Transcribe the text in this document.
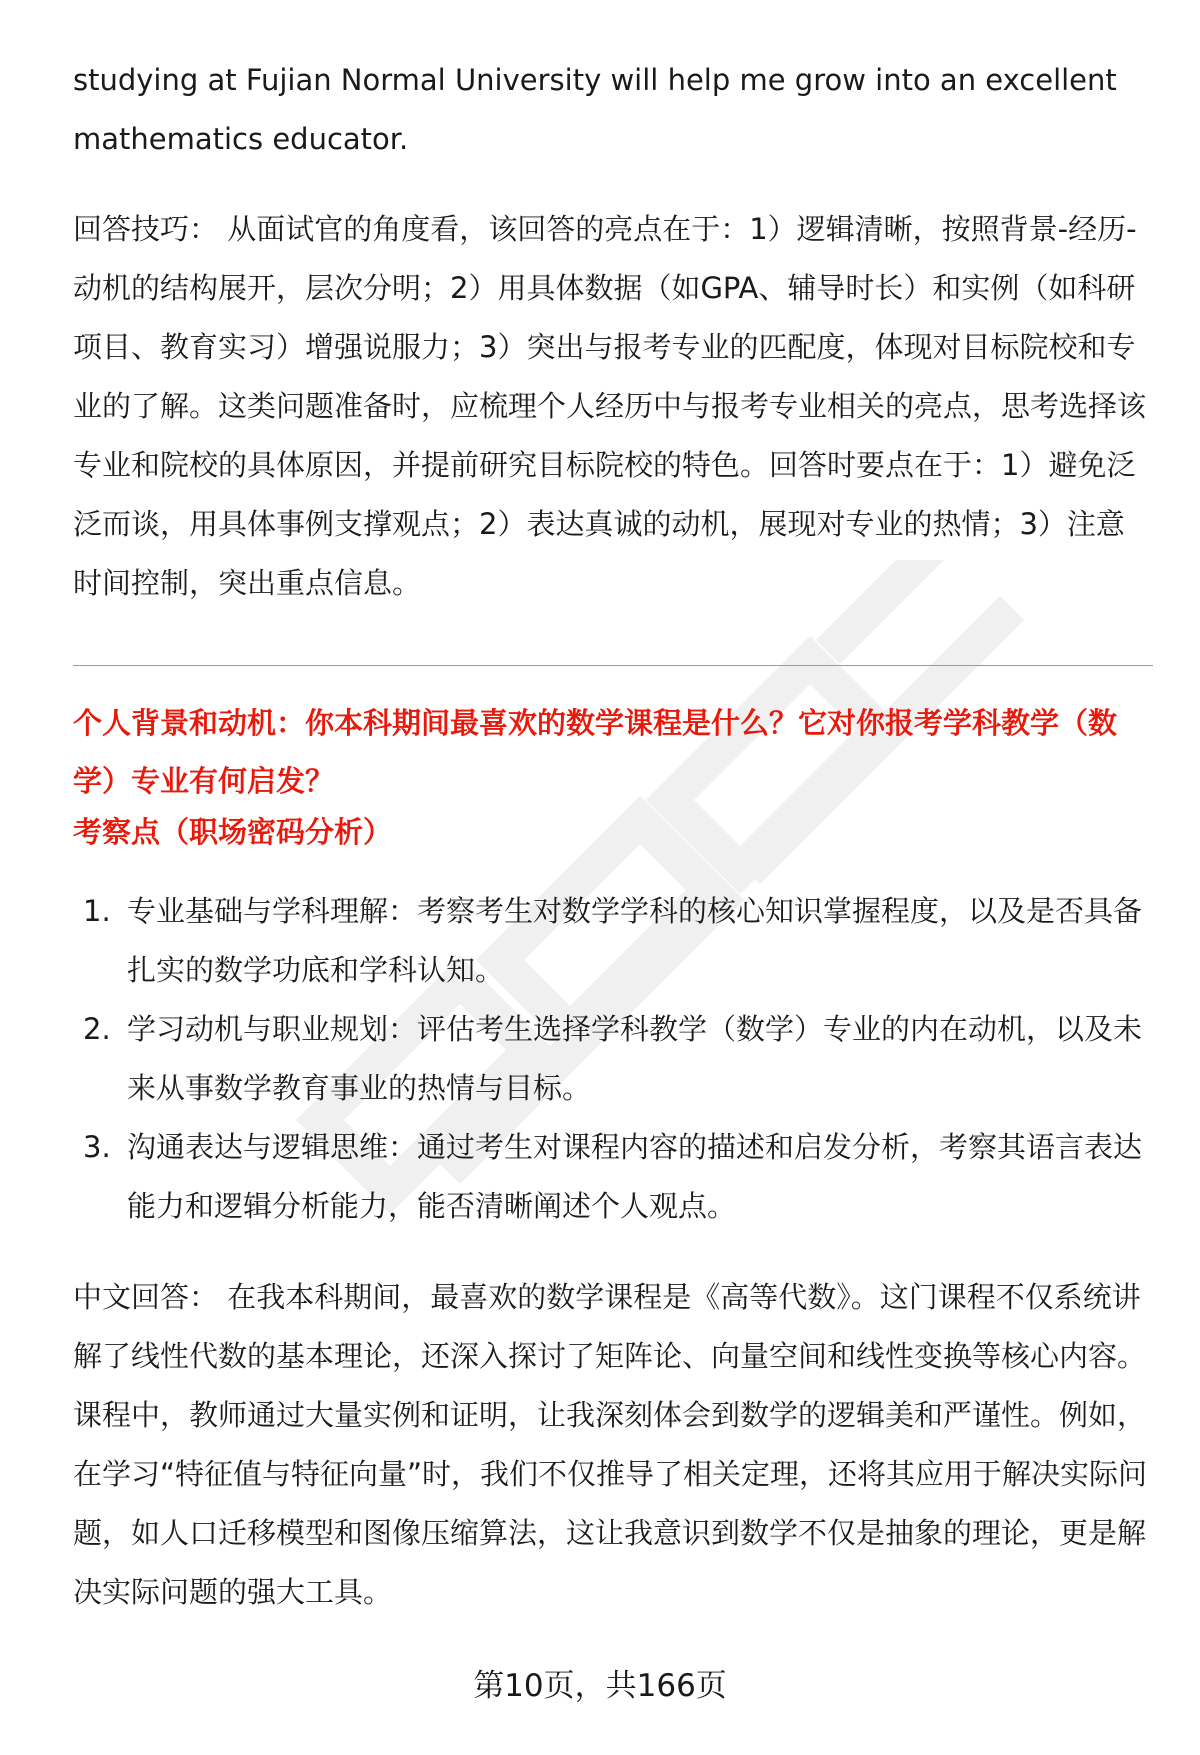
studying at Fujian Normal University will help me grow into an excellent mathematics educator.

回答技巧： 从面试官的角度看，该回答的亮点在于：1）逻辑清晰，按照背景-经历-动机的结构展开，层次分明；2）用具体数据（如GPA、辅导时长）和实例（如科研项目、教育实习）增强说服力；3）突出与报考专业的匹配度，体现对目标院校和专业的了解。这类问题准备时，应梳理个人经历中与报考专业相关的亮点，思考选择该专业和院校的具体原因，并提前研究目标院校的特色。回答时要点在于：1）避免泛泛而谈，用具体事例支撑观点；2）表达真诚的动机，展现对专业的热情；3）注意时间控制，突出重点信息。

个人背景和动机：你本科期间最喜欢的数学课程是什么？它对你报考学科教学（数学）专业有何启发？

考察点（职场密码分析）

1. 专业基础与学科理解：考察考生对数学学科的核心知识掌握程度，以及是否具备扎实的数学功底和学科认知。
2. 学习动机与职业规划：评估考生选择学科教学（数学）专业的内在动机，以及未来从事数学教育事业的热情与目标。
3. 沟通表达与逻辑思维：通过考生对课程内容的描述和启发分析，考察其语言表达能力和逻辑分析能力，能否清晰阐述个人观点。

中文回答： 在我本科期间，最喜欢的数学课程是《高等代数》。这门课程不仅系统讲解了线性代数的基本理论，还深入探讨了矩阵论、向量空间和线性变换等核心内容。课程中，教师通过大量实例和证明，让我深刻体会到数学的逻辑美和严谨性。例如，在学习“特征值与特征向量”时，我们不仅推导了相关定理，还将其应用于解决实际问题，如人口迁移模型和图像压缩算法，这让我意识到数学不仅是抽象的理论，更是解决实际问题的强大工具。

第10页，共166页
